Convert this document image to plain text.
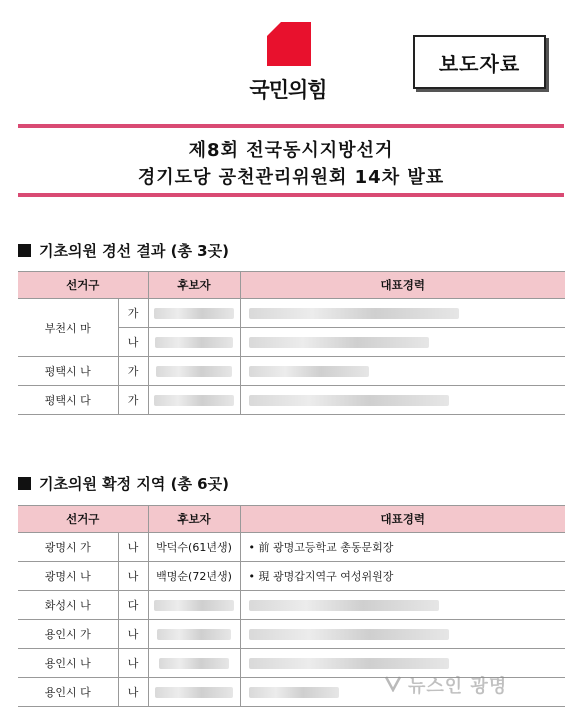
국민의힘
보도자료
제8회 전국동시지방선거
경기도당 공천관리위원회 14차 발표
기초의원 경선 결과 (총 3곳)
선거구		후보자	대표경력
부천시 마	가		
	나		
평택시 나	가		
평택시 다	가		
기초의원 확정 지역 (총 6곳)
선거구		후보자	대표경력
광명시 가	나	박덕수(61년생)	• 前 광명고등학교 총동문회장
광명시 나	나	백명순(72년생)	• 現 광명갑지역구 여성위원장
화성시 나	다		
용인시 가	나		
용인시 나	나		
용인시 다	나			뉴스인 광명
